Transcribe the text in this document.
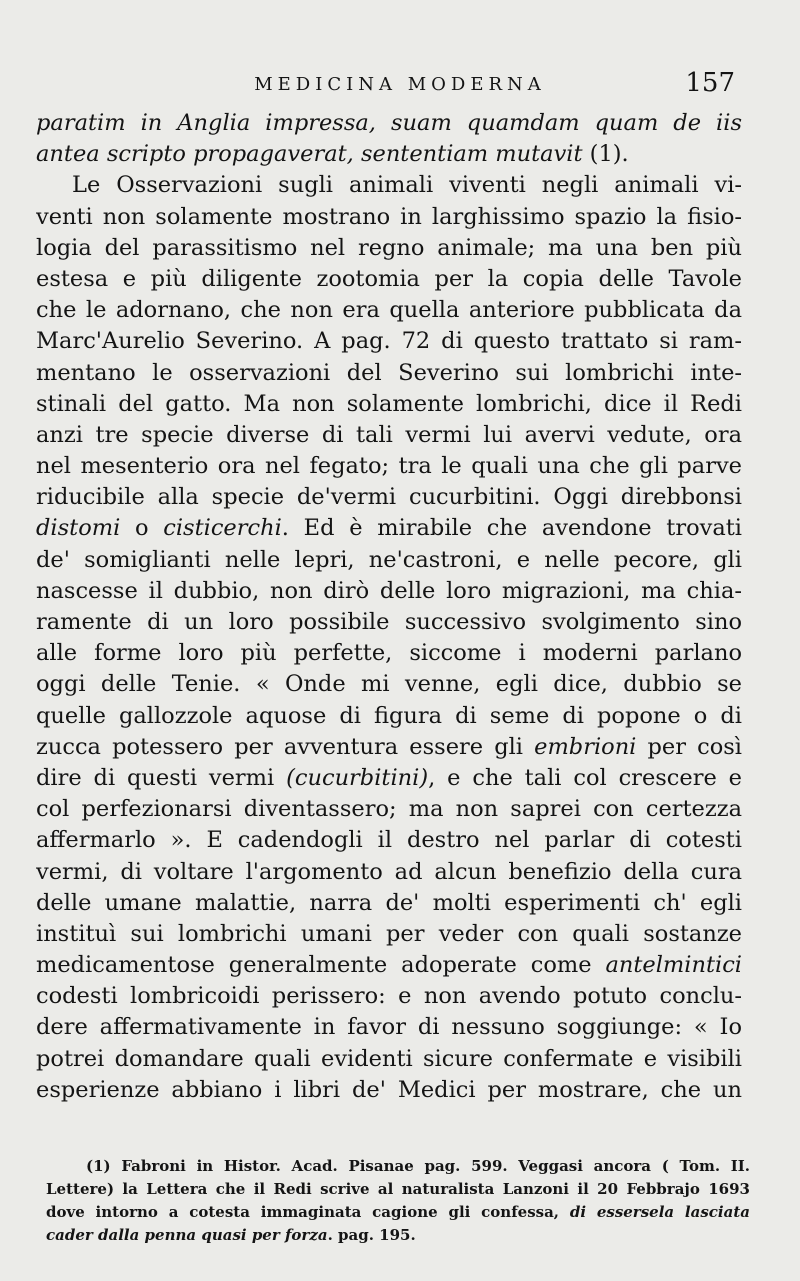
MEDICINA MODERNA	157
paratim in Anglia impressa, suam quamdam quam de iis
antea scripto propagaverat, sententiam mutavit (1).
Le Osservazioni sugli animali viventi negli animali vi-
venti non solamente mostrano in larghissimo spazio la fisio-
logia del parassitismo nel regno animale; ma una ben più
estesa e più diligente zootomia per la copia delle Tavole
che le adornano, che non era quella anteriore pubblicata da
Marc'Aurelio Severino. A pag. 72 di questo trattato si ram-
mentano le osservazioni del Severino sui lombrichi inte-
stinali del gatto. Ma non solamente lombrichi, dice il Redi
anzi tre specie diverse di tali vermi lui avervi vedute, ora
nel mesenterio ora nel fegato; tra le quali una che gli parve
riducibile alla specie de'vermi cucurbitini. Oggi direbbonsi
distomi o cisticerchi. Ed è mirabile che avendone trovati
de' somiglianti nelle lepri, ne'castroni, e nelle pecore, gli
nascesse il dubbio, non dirò delle loro migrazioni, ma chia-
ramente di un loro possibile successivo svolgimento sino
alle forme loro più perfette, siccome i moderni parlano
oggi delle Tenie. « Onde mi venne, egli dice, dubbio se
quelle gallozzole aquose di figura di seme di popone o di
zucca potessero per avventura essere gli embrioni per così
dire di questi vermi (cucurbitini), e che tali col crescere e
col perfezionarsi diventassero; ma non saprei con certezza
affermarlo ». E cadendogli il destro nel parlar di cotesti
vermi, di voltare l'argomento ad alcun benefizio della cura
delle umane malattie, narra de' molti esperimenti ch' egli
instituì sui lombrichi umani per veder con quali sostanze
medicamentose generalmente adoperate come antelmintici
codesti lombricoidi perissero: e non avendo potuto conclu-
dere affermativamente in favor di nessuno soggiunge: « Io
potrei domandare quali evidenti sicure confermate e visibili
esperienze abbiano i libri de' Medici per mostrare, che un
(1) Fabroni in Histor. Acad. Pisanae pag. 599. Veggasi ancora ( Tom. II.
Lettere) la Lettera che il Redi scrive al naturalista Lanzoni il 20 Febbrajo 1693
dove intorno a cotesta immaginata cagione gli confessa, di essersela lasciata
cader dalla penna quasi per forza. pag. 195.
